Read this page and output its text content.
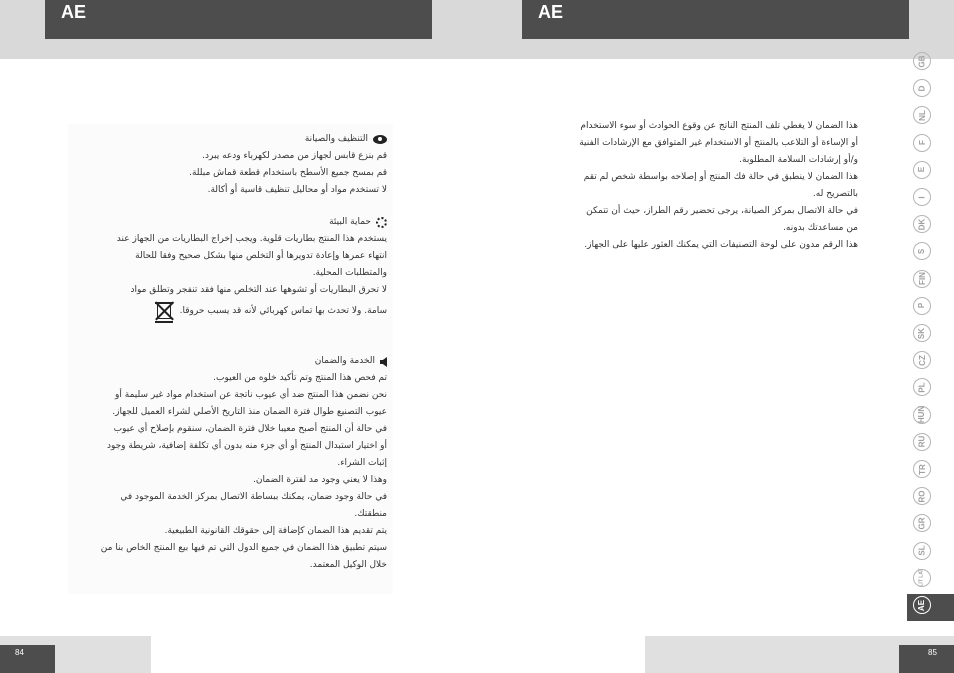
AE	AE
التنظيف والصيانة

قم بنزع قابس لجهاز من مصدر لكهرباء ودعه يبرد.

قم بمسح جميع الأسطح باستخدام قطعة قماش مبللة.

لا تستخدم مواد أو محاليل تنظيف قاسية أو أكالة.

حماية البيئة

يستخدم هذا المنتج بطاريات قلوية. ويجب إخراج البطاريات من الجهاز عند

انتهاء عمرها وإعادة تدويرها أو التخلص منها بشكل صحيح وفقا للحالة

والمتطلبات المحلية.

لا تحرق البطاريات أو تشوهها عند التخلص منها فقد تنفجر وتطلق مواد

سامة. ولا تحدث بها تماس كهربائي لأنه قد يسبب حروقا.
الخدمة والضمان

تم فحص هذا المنتج وتم تأكيد خلوه من العيوب.

نحن نضمن هذا المنتج ضد أي عيوب ناتجة عن استخدام مواد غير سليمة أو

عيوب التصنيع طوال فترة الضمان منذ التاريخ الأصلي لشراء العميل للجهاز.

في حالة أن المنتج أصبح معيبا خلال فترة الضمان، سنقوم بإصلاح أي عيوب

أو اختيار استبدال المنتج أو أي جزء منه بدون أي تكلفة إضافية، شريطة وجود

إثبات الشراء.

وهذا لا يعني وجود مد لفترة الضمان.

في حالة وجود ضمان، يمكنك ببساطة الاتصال بمركز الخدمة الموجود في

منطقتك.

يتم تقديم هذا الضمان كإضافة إلى حقوقك القانونية الطبيعية.

سيتم تطبيق هذا الضمان في جميع الدول التي تم فيها بيع المنتج الخاص بنا من

خلال الوكيل المعتمد.

هذا الضمان لا يغطي تلف المنتج الناتج عن وقوع الحوادث أو سوء الاستخدام

أو الإساءة أو التلاعب بالمنتج أو الاستخدام غير المتوافق مع الإرشادات الفنية

و/أو إرشادات السلامة المطلوبة.

هذا الضمان لا ينطبق في حالة فك المنتج أو إصلاحه بواسطة شخص لم تقم

بالتصريح له.

في حالة الاتصال بمركز الصيانة، يرجى تحضير رقم الطراز، حيث أن تتمكن

من مساعدتك بدونه.

هذا الرقم مدون على لوحة التصنيفات التي يمكنك العثور عليها على الجهاز.

GB
D
NL
F
E
I
DK
S
FIN
P
SK
CZ
PL
HUN
RU
TR
RO
GR
SL
LIT LAT
AE
84	85
